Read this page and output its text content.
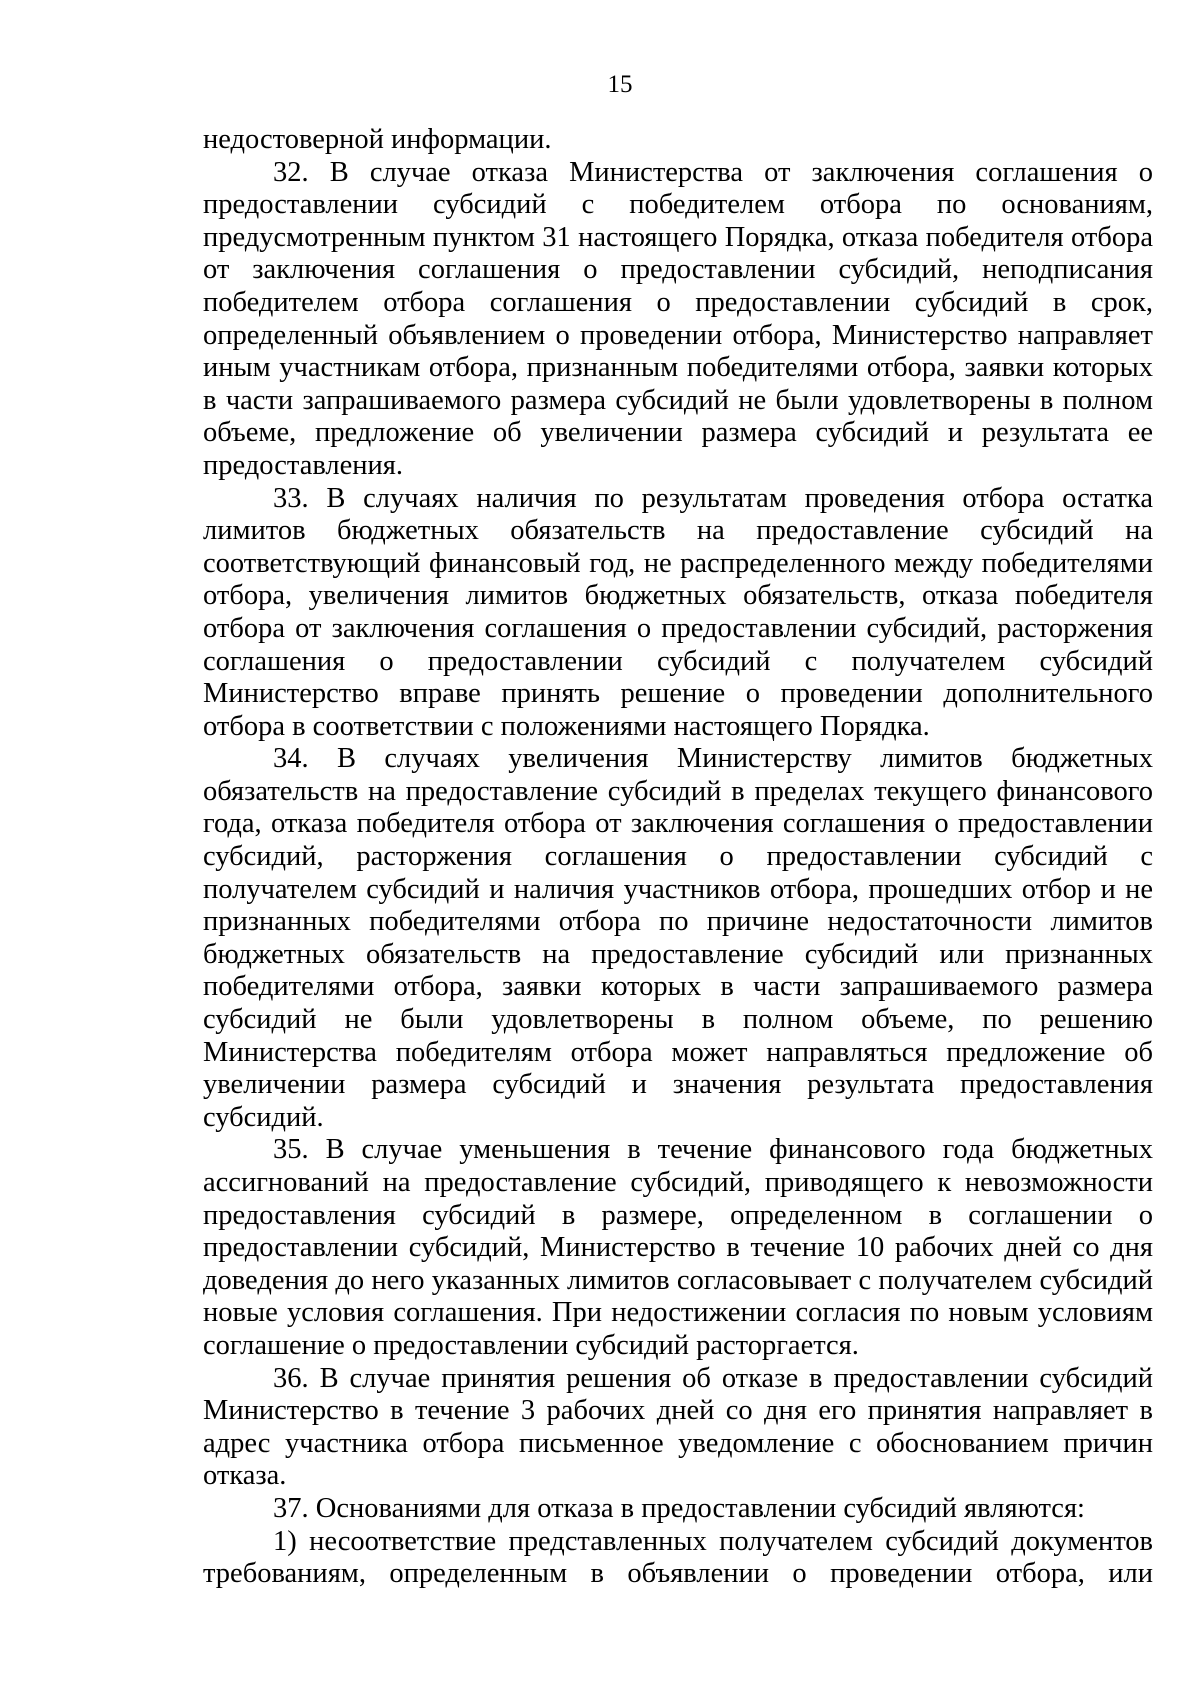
15

недостоверной информации.

32. В случае отказа Министерства от заключения соглашения о предоставлении субсидий с победителем отбора по основаниям, предусмотренным пунктом 31 настоящего Порядка, отказа победителя отбора от заключения соглашения о предоставлении субсидий, неподписания победителем отбора соглашения о предоставлении субсидий в срок, определенный объявлением о проведении отбора, Министерство направляет иным участникам отбора, признанным победителями отбора, заявки которых в части запрашиваемого размера субсидий не были удовлетворены в полном объеме, предложение об увеличении размера субсидий и результата ее предоставления.

33. В случаях наличия по результатам проведения отбора остатка лимитов бюджетных обязательств на предоставление субсидий на соответствующий финансовый год, не распределенного между победителями отбора, увеличения лимитов бюджетных обязательств, отказа победителя отбора от заключения соглашения о предоставлении субсидий, расторжения соглашения о предоставлении субсидий с получателем субсидий Министерство вправе принять решение о проведении дополнительного отбора в соответствии с положениями настоящего Порядка.

34. В случаях увеличения Министерству лимитов бюджетных обязательств на предоставление субсидий в пределах текущего финансового года, отказа победителя отбора от заключения соглашения о предоставлении субсидий, расторжения соглашения о предоставлении субсидий с получателем субсидий и наличия участников отбора, прошедших отбор и не признанных победителями отбора по причине недостаточности лимитов бюджетных обязательств на предоставление субсидий или признанных победителями отбора, заявки которых в части запрашиваемого размера субсидий не были удовлетворены в полном объеме, по решению Министерства победителям отбора может направляться предложение об увеличении размера субсидий и значения результата предоставления субсидий.

35. В случае уменьшения в течение финансового года бюджетных ассигнований на предоставление субсидий, приводящего к невозможности предоставления субсидий в размере, определенном в соглашении о предоставлении субсидий, Министерство в течение 10 рабочих дней со дня доведения до него указанных лимитов согласовывает с получателем субсидий новые условия соглашения. При недостижении согласия по новым условиям соглашение о предоставлении субсидий расторгается.

36. В случае принятия решения об отказе в предоставлении субсидий Министерство в течение 3 рабочих дней со дня его принятия направляет в адрес участника отбора письменное уведомление с обоснованием причин отказа.

37. Основаниями для отказа в предоставлении субсидий являются:

1) несоответствие представленных получателем субсидий документов требованиям, определенным в объявлении о проведении отбора, или
